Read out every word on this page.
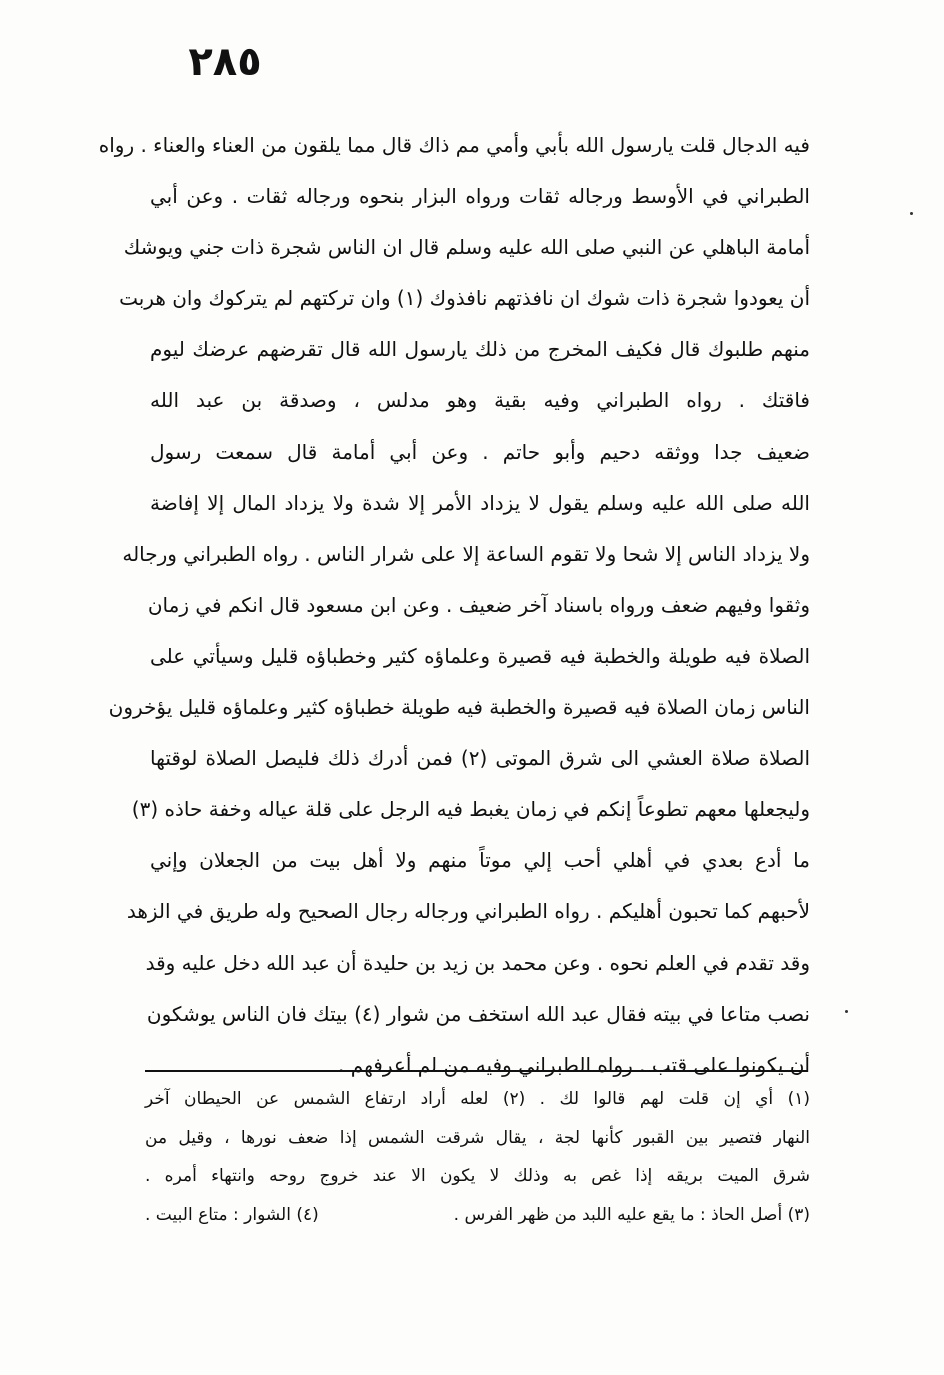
٢٨٥
فيه الدجال قلت يارسول الله بأبي وأمي مم ذاك قال مما يلقون من العناء والعناء . رواه
الطبراني في الأوسط ورجاله ثقات ورواه البزار بنحوه ورجاله ثقات . وعن أبي
أمامة الباهلي عن النبي صلى الله عليه وسلم قال ان الناس شجرة ذات جني ويوشك
أن يعودوا شجرة ذات شوك ان نافذتهم نافذوك (١) وان تركتهم لم يتركوك وان هربت
منهم طلبوك قال فكيف المخرج من ذلك يارسول الله قال تقرضهم عرضك ليوم
فاقتك . رواه الطبراني وفيه بقية وهو مدلس ، وصدقة بن عبد الله
ضعيف جدا ووثقه دحيم وأبو حاتم . وعن أبي أمامة قال سمعت رسول
الله صلى الله عليه وسلم يقول لا يزداد الأمر إلا شدة ولا يزداد المال إلا إفاضة
ولا يزداد الناس إلا شحا ولا تقوم الساعة إلا على شرار الناس . رواه الطبراني ورجاله
وثقوا وفيهم ضعف ورواه باسناد آخر ضعيف . وعن ابن مسعود قال انكم في زمان
الصلاة فيه طويلة والخطبة فيه قصيرة وعلماؤه كثير وخطباؤه قليل وسيأتي على
الناس زمان الصلاة فيه قصيرة والخطبة فيه طويلة خطباؤه كثير وعلماؤه قليل يؤخرون
الصلاة صلاة العشي الى شرق الموتى (٢) فمن أدرك ذلك فليصل الصلاة لوقتها
وليجعلها معهم تطوعاً إنكم في زمان يغبط فيه الرجل على قلة عياله وخفة حاذه (٣)
ما أدع بعدي في أهلي أحب إلي موتاً منهم ولا أهل بيت من الجعلان وإني
لأحبهم كما تحبون أهليكم . رواه الطبراني ورجاله رجال الصحيح وله طريق في الزهد
وقد تقدم في العلم نحوه . وعن محمد بن زيد بن حليدة أن عبد الله دخل عليه وقد
نصب متاعا في بيته فقال عبد الله استخف من شوار (٤) بيتك فان الناس يوشكون
أن يكونوا على قتب . رواه الطبراني وفيه من لم أعرفهم .
(١) أي إن قلت لهم قالوا لك . (٢) لعله أراد ارتفاع الشمس عن الحيطان آخر
النهار فتصير بين القبور كأنها لجة ، يقال شرقت الشمس إذا ضعف نورها ، وقيل من
شرق الميت بريقه إذا غص به وذلك لا يكون الا عند خروج روحه وانتهاء أمره .
(٣) أصل الحاذ : ما يقع عليه اللبد من ظهر الفرس .
(٤) الشوار : متاع البيت .
